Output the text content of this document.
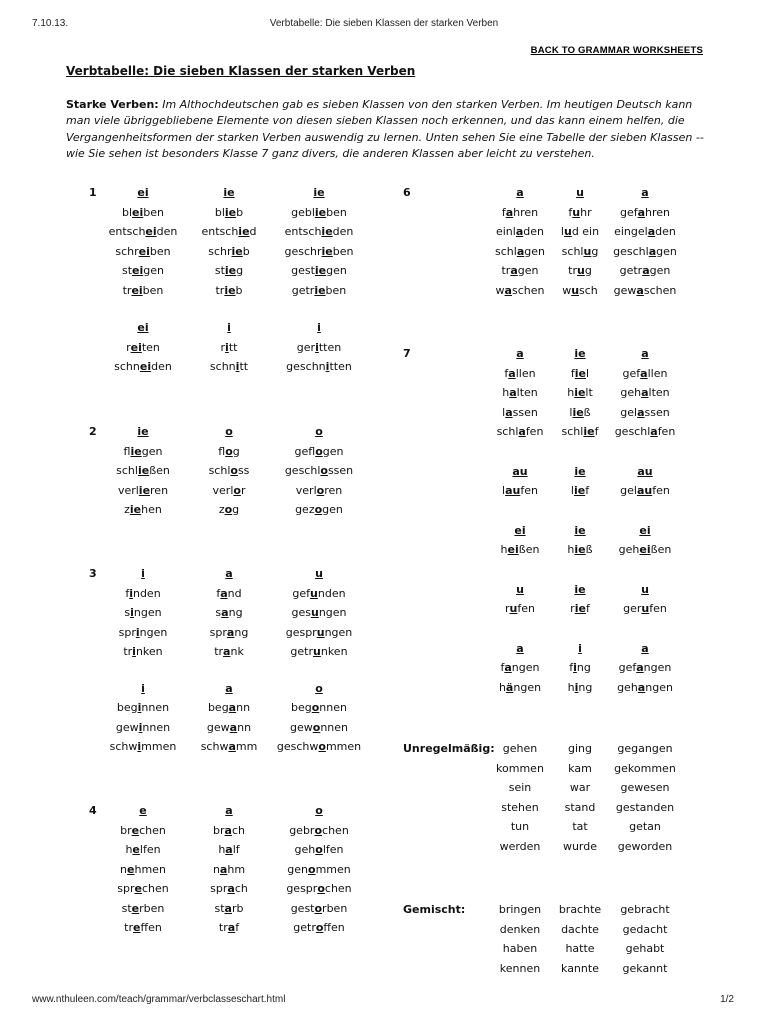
7.10.13.	Verbtabelle: Die sieben Klassen der starken Verben
BACK TO GRAMMAR WORKSHEETS
Verbtabelle: Die sieben Klassen der starken Verben

Starke Verben: Im Althochdeutschen gab es sieben Klassen von den starken Verben. Im heutigen Deutsch kann man viele übriggebliebene Elemente von diesen sieben Klassen noch erkennen, und das kann einem helfen, die Vergangenheitsformen der starken Verben auswendig zu lernen. Unten sehen Sie eine Tabelle der sieben Klassen -- wie Sie sehen ist besonders Klasse 7 ganz divers, die anderen Klassen aber leicht zu verstehen.

1	ei	ie	ie
bleiben	blieb	geblieben
entscheiden	entschied	entschieden
schreiben	schrieb	geschrieben
steigen	stieg	gestiegen
treiben	trieb	getrieben
ei	i	i
reiten	ritt	geritten
schneiden	schnitt	geschnitten
2	ie	o	o
fliegen	flog	geflogen
schließen	schloss	geschlossen
verlieren	verlor	verloren
ziehen	zog	gezogen
3	i	a	u
finden	fand	gefunden
singen	sang	gesungen
springen	sprang	gesprungen
trinken	trank	getrunken
i	a	o
beginnen	begann	begonnen
gewinnen	gewann	gewonnen
schwimmen	schwamm	geschwommen
4	e	a	o
brechen	brach	gebrochen
helfen	half	geholfen
nehmen	nahm	genommen
sprechen	sprach	gesprochen
sterben	starb	gestorben
treffen	traf	getroffen
6	a	u	a
fahren	fuhr	gefahren
einladen	lud ein	eingeladen
schlagen	schlug	geschlagen
tragen	trug	getragen
waschen	wusch	gewaschen
7	a	ie	a
fallen	fiel	gefallen
halten	hielt	gehalten
lassen	ließ	gelassen
schlafen	schlief	geschlafen
au	ie	au
laufen	lief	gelaufen
ei	ie	ei
heißen	hieß	geheißen
u	ie	u
rufen	rief	gerufen
a	i	a
fangen	fing	gefangen
hängen	hing	gehangen
Unregelmäßig: gehen	ging	gegangen
kommen	kam	gekommen
sein	war	gewesen
stehen	stand	gestanden
tun	tat	getan
werden	wurde	geworden
Gemischt:	bringen	brachte	gebracht
denken	dachte	gedacht
haben	hatte	gehabt
kennen	kannte	gekannt
www.nthuleen.com/teach/grammar/verbclasseschart.html	1/2
